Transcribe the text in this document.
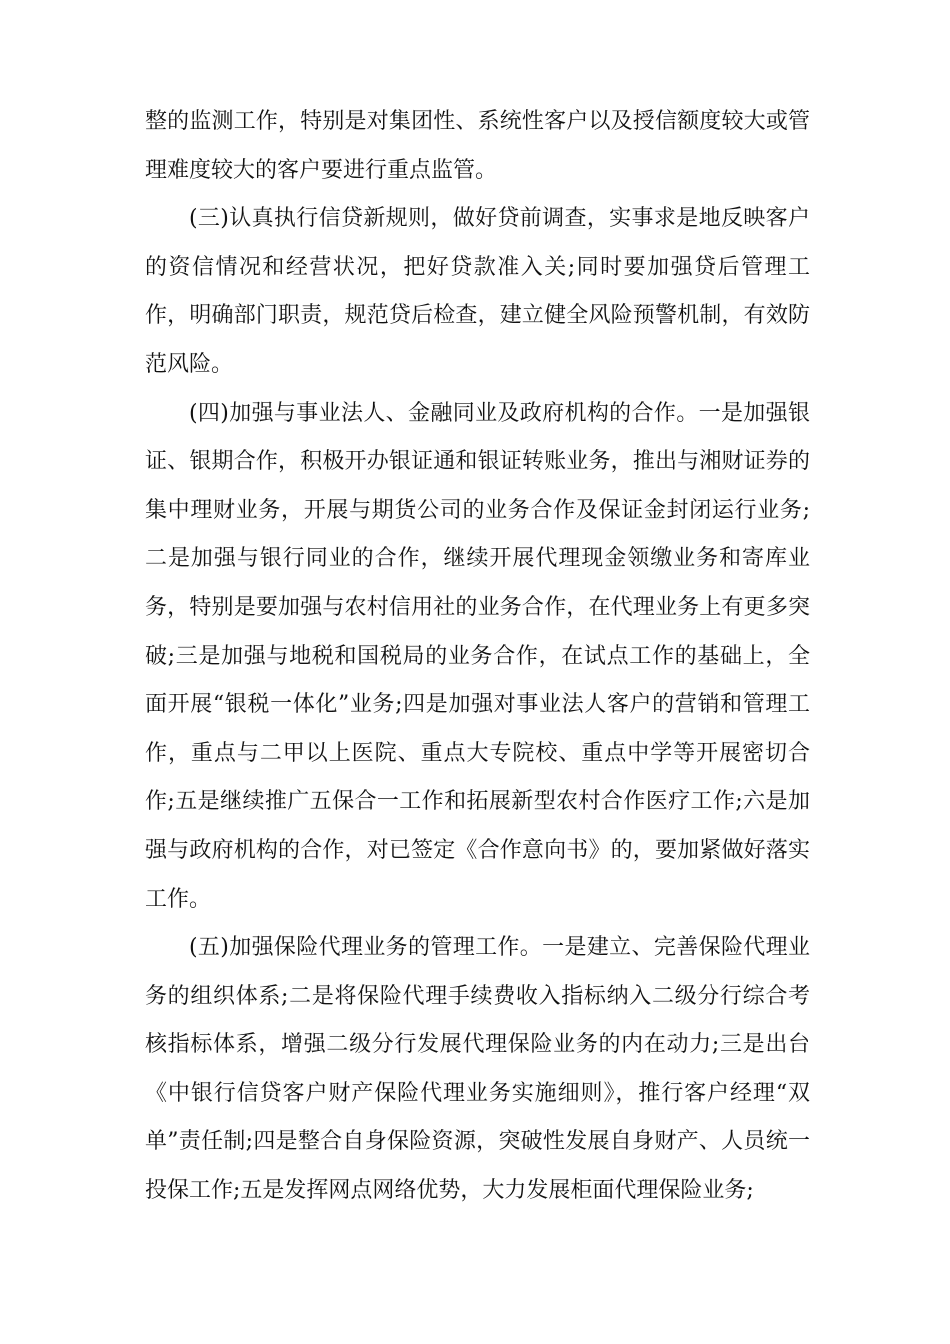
整的监测工作，特别是对集团性、系统性客户以及授信额度较大或管理难度较大的客户要进行重点监管。

(三)认真执行信贷新规则，做好贷前调查，实事求是地反映客户的资信情况和经营状况，把好贷款准入关;同时要加强贷后管理工作，明确部门职责，规范贷后检查，建立健全风险预警机制，有效防范风险。

(四)加强与事业法人、金融同业及政府机构的合作。一是加强银证、银期合作，积极开办银证通和银证转账业务，推出与湘财证券的集中理财业务，开展与期货公司的业务合作及保证金封闭运行业务;二是加强与银行同业的合作，继续开展代理现金领缴业务和寄库业务，特别是要加强与农村信用社的业务合作，在代理业务上有更多突破;三是加强与地税和国税局的业务合作，在试点工作的基础上，全面开展“银税一体化”业务;四是加强对事业法人客户的营销和管理工作，重点与二甲以上医院、重点大专院校、重点中学等开展密切合作;五是继续推广五保合一工作和拓展新型农村合作医疗工作;六是加强与政府机构的合作，对已签定《合作意向书》的，要加紧做好落实工作。

(五)加强保险代理业务的管理工作。一是建立、完善保险代理业务的组织体系;二是将保险代理手续费收入指标纳入二级分行综合考核指标体系，增强二级分行发展代理保险业务的内在动力;三是出台《中银行信贷客户财产保险代理业务实施细则》，推行客户经理“双单”责任制;四是整合自身保险资源，突破性发展自身财产、人员统一投保工作;五是发挥网点网络优势，大力发展柜面代理保险业务;
